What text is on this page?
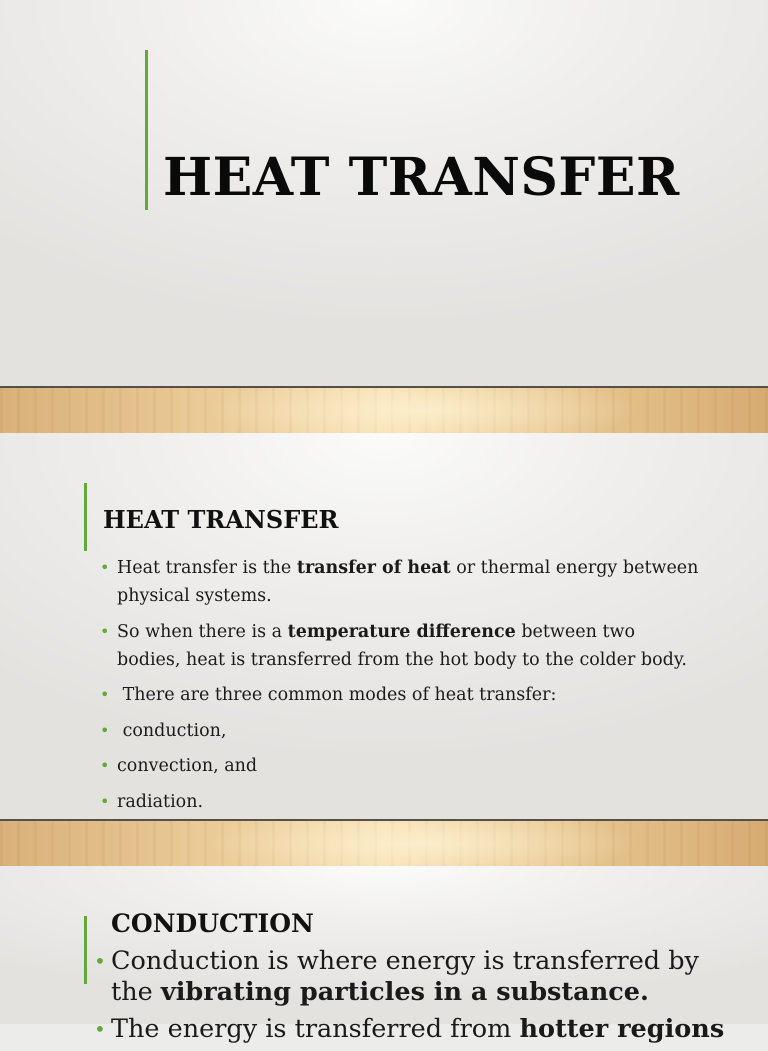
HEAT TRANSFER
HEAT TRANSFER
• Heat transfer is the transfer of heat or thermal energy between physical systems.
• So when there is a temperature difference between two bodies, heat is transferred from the hot body to the colder body.
• There are three common modes of heat transfer:
• conduction,
• convection, and
• radiation.
CONDUCTION
• Conduction is where energy is transferred by the vibrating particles in a substance.
• The energy is transferred from hotter regions
